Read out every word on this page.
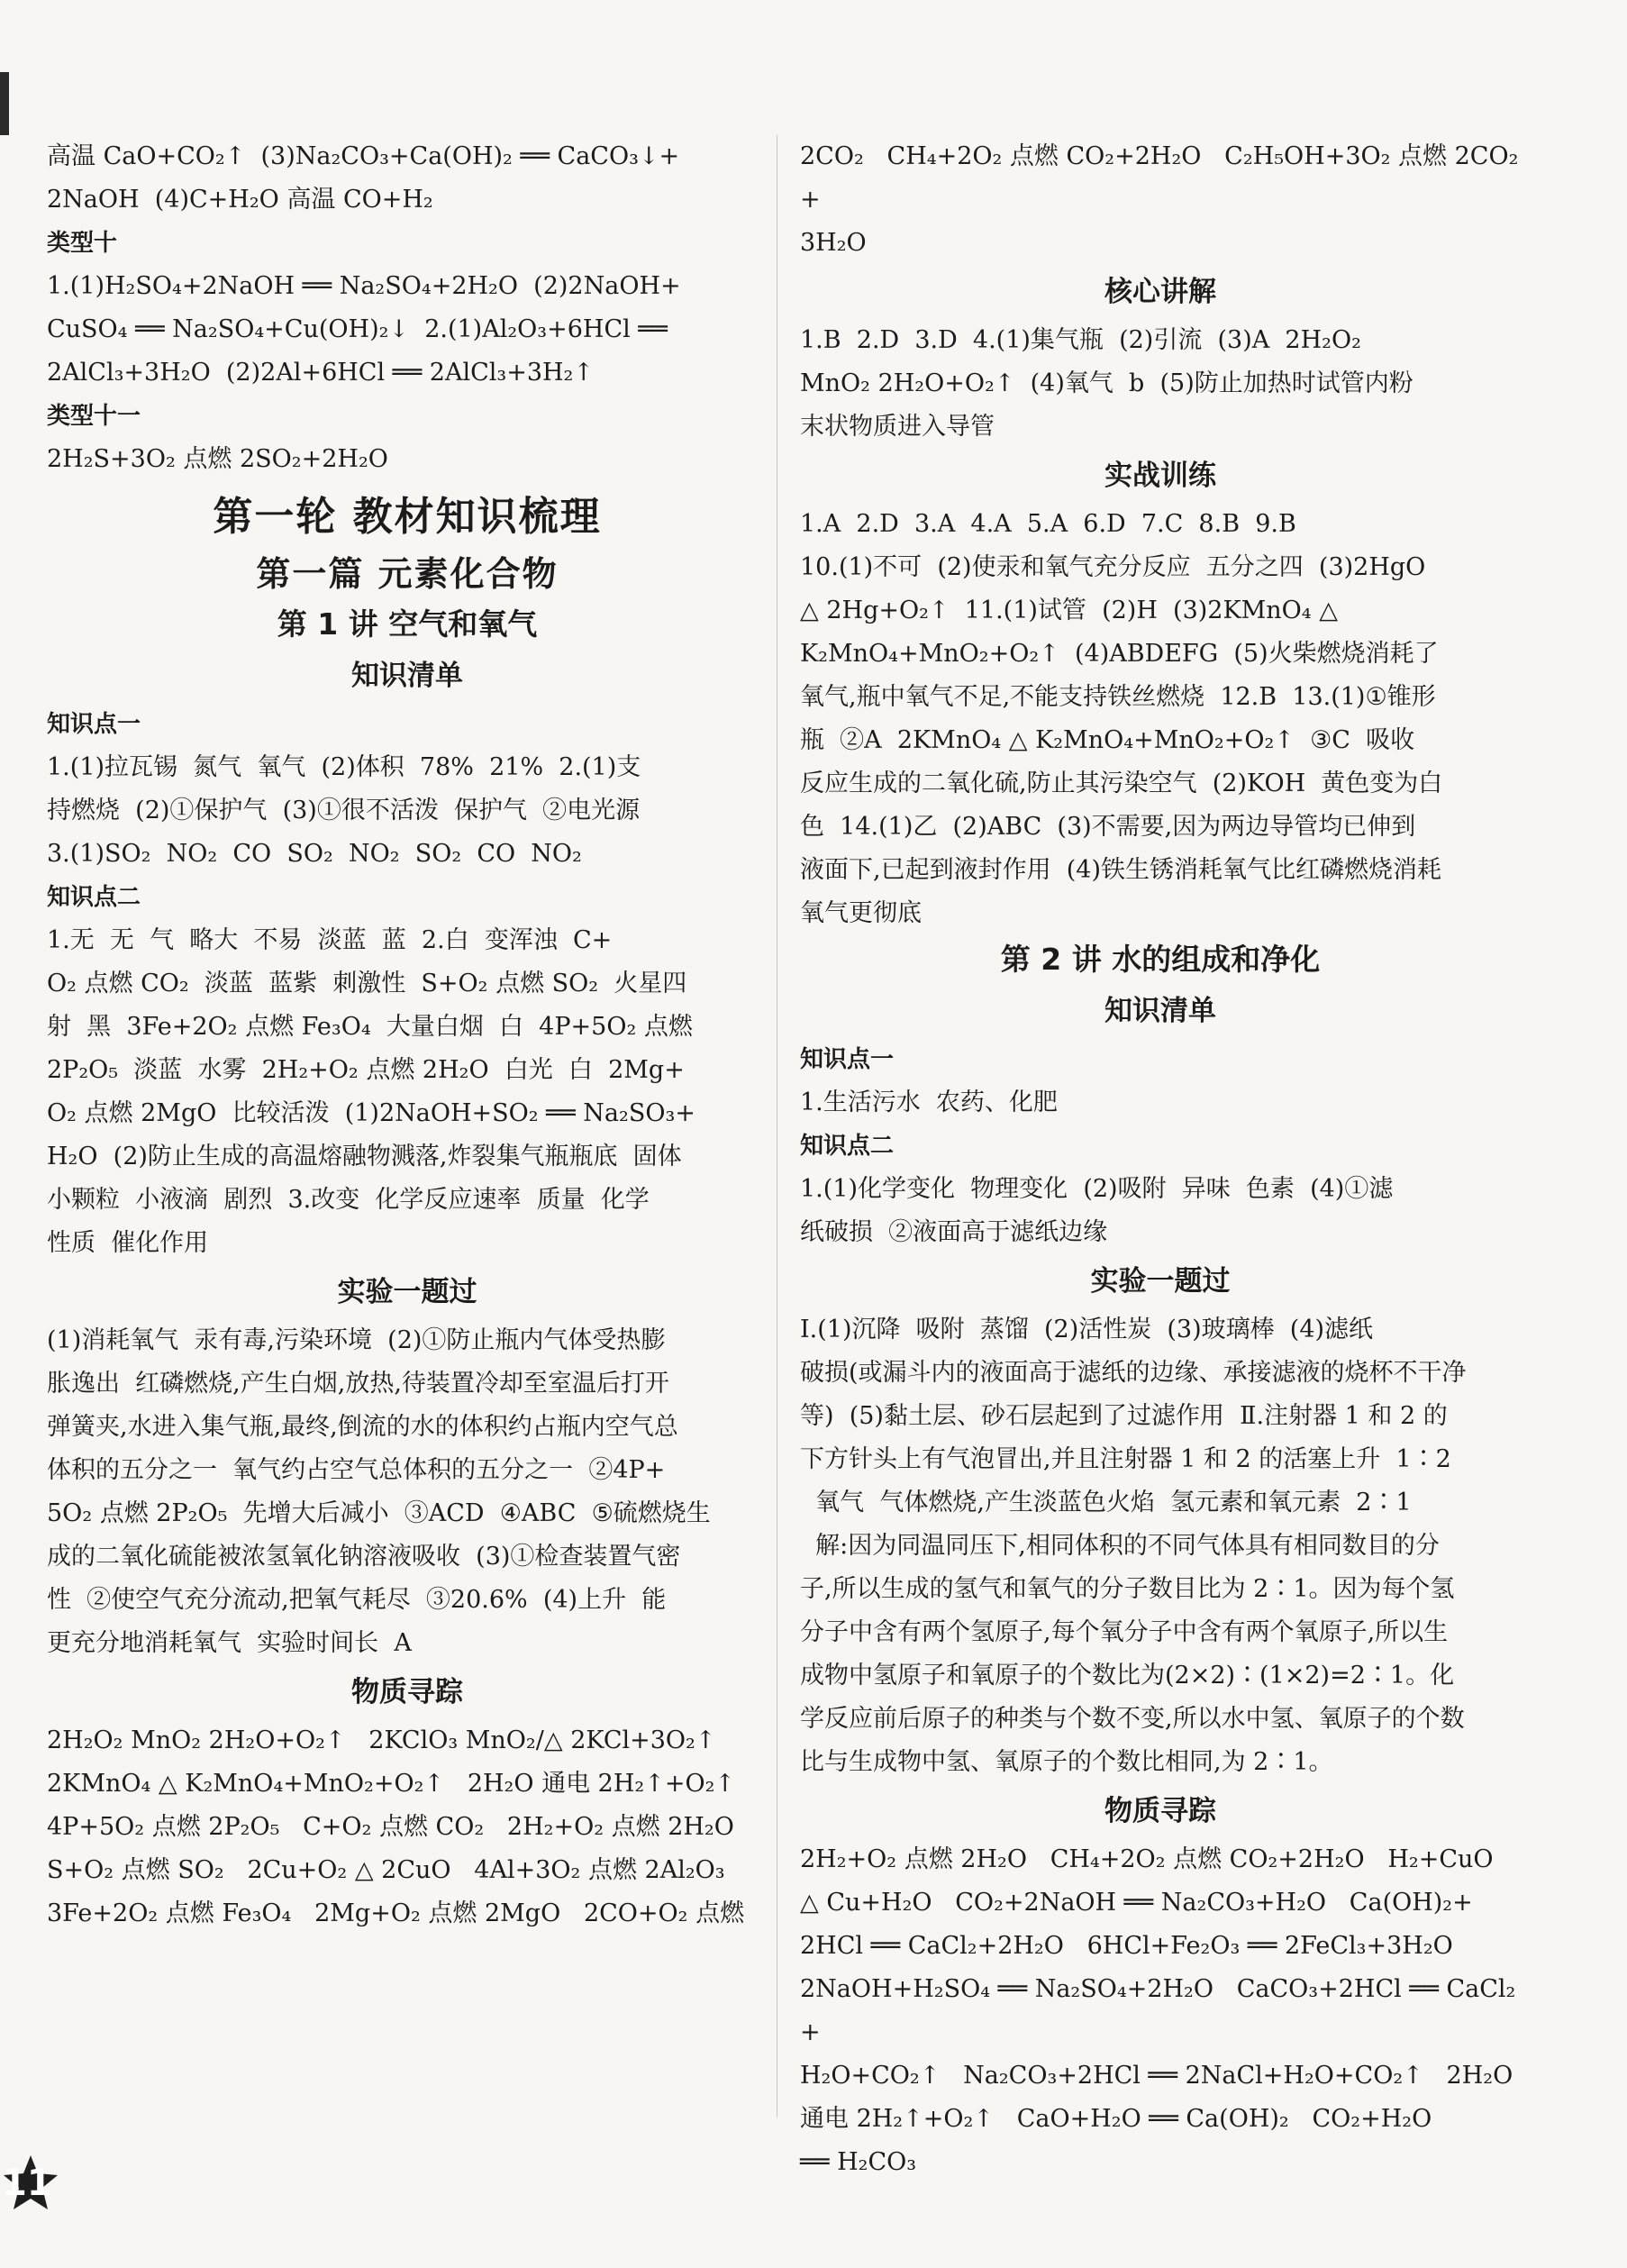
高温 CaO+CO₂↑  (3)Na₂CO₃+Ca(OH)₂ ══ CaCO₃↓+
2NaOH  (4)C+H₂O 高温 CO+H₂
类型十
1.(1)H₂SO₄+2NaOH ══ Na₂SO₄+2H₂O  (2)2NaOH+
CuSO₄ ══ Na₂SO₄+Cu(OH)₂↓  2.(1)Al₂O₃+6HCl ══
2AlCl₃+3H₂O  (2)2Al+6HCl ══ 2AlCl₃+3H₂↑
类型十一
2H₂S+3O₂ 点燃 2SO₂+2H₂O
第一轮 教材知识梳理
第一篇 元素化合物
第 1 讲 空气和氧气
知识清单
知识点一
1.(1)拉瓦锡  氮气  氧气  (2)体积  78%  21%  2.(1)支
持燃烧  (2)①保护气  (3)①很不活泼  保护气  ②电光源
3.(1)SO₂  NO₂  CO  SO₂  NO₂  SO₂  CO  NO₂
知识点二
1.无  无  气  略大  不易  淡蓝  蓝  2.白  变浑浊  C+
O₂ 点燃 CO₂  淡蓝  蓝紫  刺激性  S+O₂ 点燃 SO₂  火星四
射  黑  3Fe+2O₂ 点燃 Fe₃O₄  大量白烟  白  4P+5O₂ 点燃
2P₂O₅  淡蓝  水雾  2H₂+O₂ 点燃 2H₂O  白光  白  2Mg+
O₂ 点燃 2MgO  比较活泼  (1)2NaOH+SO₂ ══ Na₂SO₃+
H₂O  (2)防止生成的高温熔融物溅落,炸裂集气瓶瓶底  固体
小颗粒  小液滴  剧烈  3.改变  化学反应速率  质量  化学
性质  催化作用
实验一题过
(1)消耗氧气  汞有毒,污染环境  (2)①防止瓶内气体受热膨
胀逸出  红磷燃烧,产生白烟,放热,待装置冷却至室温后打开
弹簧夹,水进入集气瓶,最终,倒流的水的体积约占瓶内空气总
体积的五分之一  氧气约占空气总体积的五分之一  ②4P+
5O₂ 点燃 2P₂O₅  先增大后减小  ③ACD  ④ABC  ⑤硫燃烧生
成的二氧化硫能被浓氢氧化钠溶液吸收  (3)①检查装置气密
性  ②使空气充分流动,把氧气耗尽  ③20.6%  (4)上升  能
更充分地消耗氧气  实验时间长  A
物质寻踪
2H₂O₂ MnO₂ 2H₂O+O₂↑   2KClO₃ MnO₂/△ 2KCl+3O₂↑
2KMnO₄ △ K₂MnO₄+MnO₂+O₂↑   2H₂O 通电 2H₂↑+O₂↑
4P+5O₂ 点燃 2P₂O₅   C+O₂ 点燃 CO₂   2H₂+O₂ 点燃 2H₂O
S+O₂ 点燃 SO₂   2Cu+O₂ △ 2CuO   4Al+3O₂ 点燃 2Al₂O₃
3Fe+2O₂ 点燃 Fe₃O₄   2Mg+O₂ 点燃 2MgO   2CO+O₂ 点燃
2CO₂   CH₄+2O₂ 点燃 CO₂+2H₂O   C₂H₅OH+3O₂ 点燃 2CO₂+
3H₂O
核心讲解
1.B  2.D  3.D  4.(1)集气瓶  (2)引流  (3)A  2H₂O₂
MnO₂ 2H₂O+O₂↑  (4)氧气  b  (5)防止加热时试管内粉
末状物质进入导管
实战训练
1.A  2.D  3.A  4.A  5.A  6.D  7.C  8.B  9.B
10.(1)不可  (2)使汞和氧气充分反应  五分之四  (3)2HgO
△ 2Hg+O₂↑  11.(1)试管  (2)H  (3)2KMnO₄ △
K₂MnO₄+MnO₂+O₂↑  (4)ABDEFG  (5)火柴燃烧消耗了
氧气,瓶中氧气不足,不能支持铁丝燃烧  12.B  13.(1)①锥形
瓶  ②A  2KMnO₄ △ K₂MnO₄+MnO₂+O₂↑  ③C  吸收
反应生成的二氧化硫,防止其污染空气  (2)KOH  黄色变为白
色  14.(1)乙  (2)ABC  (3)不需要,因为两边导管均已伸到
液面下,已起到液封作用  (4)铁生锈消耗氧气比红磷燃烧消耗
氧气更彻底
第 2 讲 水的组成和净化
知识清单
知识点一
1.生活污水  农药、化肥
知识点二
1.(1)化学变化  物理变化  (2)吸附  异味  色素  (4)①滤
纸破损  ②液面高于滤纸边缘
实验一题过
Ⅰ.(1)沉降  吸附  蒸馏  (2)活性炭  (3)玻璃棒  (4)滤纸
破损(或漏斗内的液面高于滤纸的边缘、承接滤液的烧杯不干净
等)  (5)黏土层、砂石层起到了过滤作用  Ⅱ.注射器 1 和 2 的
下方针头上有气泡冒出,并且注射器 1 和 2 的活塞上升  1∶2
氧气  气体燃烧,产生淡蓝色火焰  氢元素和氧元素  2∶1
解:因为同温同压下,相同体积的不同气体具有相同数目的分
子,所以生成的氢气和氧气的分子数目比为 2∶1。因为每个氢
分子中含有两个氢原子,每个氧分子中含有两个氧原子,所以生
成物中氢原子和氧原子的个数比为(2×2)∶(1×2)=2∶1。化
学反应前后原子的种类与个数不变,所以水中氢、氧原子的个数
比与生成物中氢、氧原子的个数比相同,为 2∶1。
物质寻踪
2H₂+O₂ 点燃 2H₂O   CH₄+2O₂ 点燃 CO₂+2H₂O   H₂+CuO
△ Cu+H₂O   CO₂+2NaOH ══ Na₂CO₃+H₂O   Ca(OH)₂+
2HCl ══ CaCl₂+2H₂O   6HCl+Fe₂O₃ ══ 2FeCl₃+3H₂O
2NaOH+H₂SO₄ ══ Na₂SO₄+2H₂O   CaCO₃+2HCl ══ CaCl₂+
H₂O+CO₂↑   Na₂CO₃+2HCl ══ 2NaCl+H₂O+CO₂↑   2H₂O
通电 2H₂↑+O₂↑   CaO+H₂O ══ Ca(OH)₂   CO₂+H₂O
══ H₂CO₃
11
